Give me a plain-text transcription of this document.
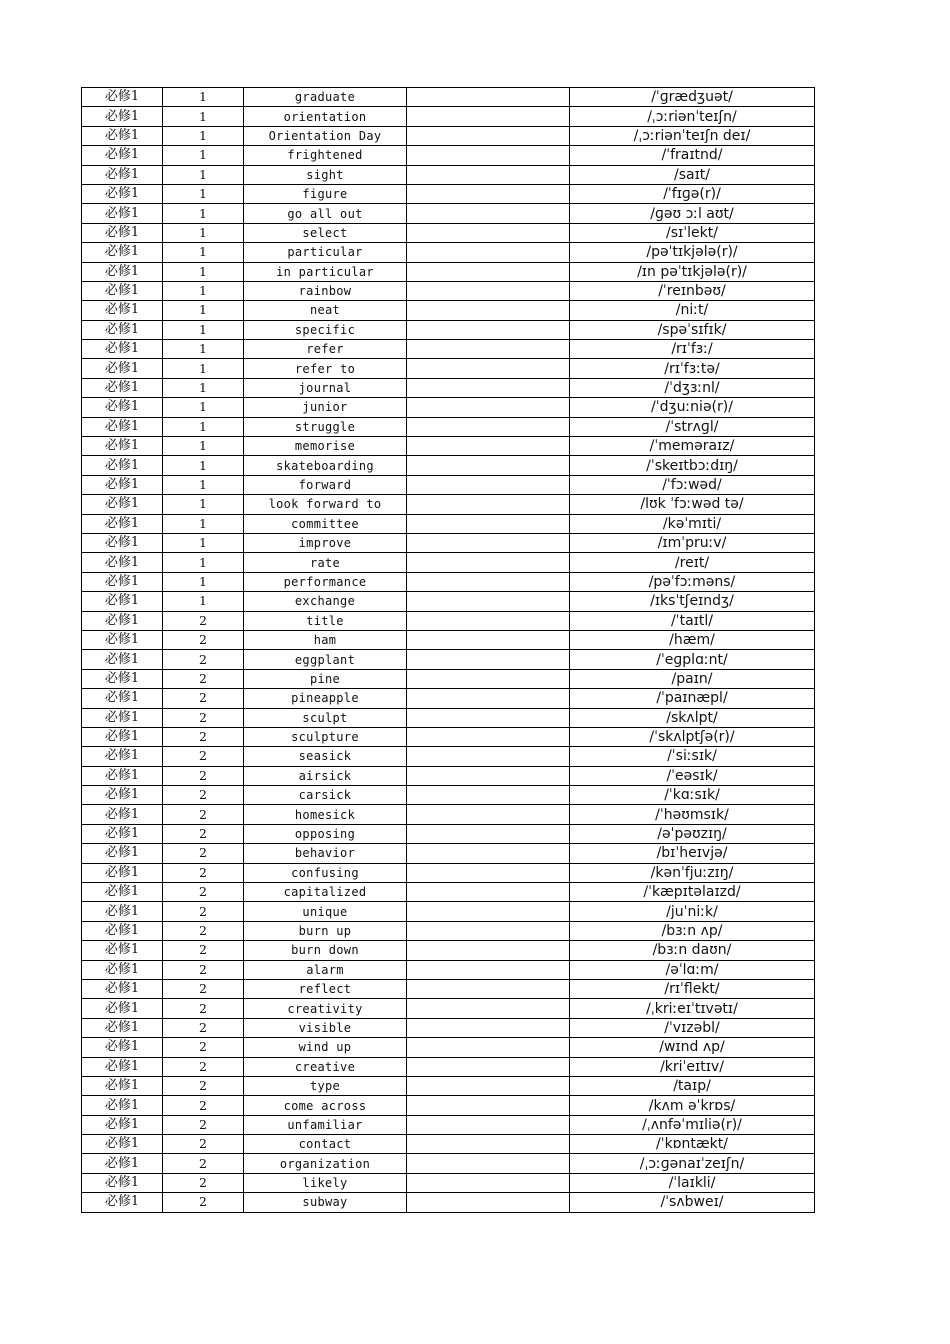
必修1	1	graduate		/ˈɡrædʒuət/
必修1	1	orientation		/ˌɔːriənˈteɪʃn/
必修1	1	Orientation Day		/ˌɔːriənˈteɪʃn deɪ/
必修1	1	frightened		/ˈfraɪtnd/
必修1	1	sight		/saɪt/
必修1	1	figure		/ˈfɪɡə(r)/
必修1	1	go all out		/ɡəʊ ɔːl aʊt/
必修1	1	select		/sɪˈlekt/
必修1	1	particular		/pəˈtɪkjələ(r)/
必修1	1	in particular		/ɪn pəˈtɪkjələ(r)/
必修1	1	rainbow		/ˈreɪnbəʊ/
必修1	1	neat		/niːt/
必修1	1	specific		/spəˈsɪfɪk/
必修1	1	refer		/rɪˈfɜː/
必修1	1	refer to		/rɪˈfɜːtə/
必修1	1	journal		/ˈdʒɜːnl/
必修1	1	junior		/ˈdʒuːniə(r)/
必修1	1	struggle		/ˈstrʌɡl/
必修1	1	memorise		/ˈmeməraɪz/
必修1	1	skateboarding		/ˈskeɪtbɔːdɪŋ/
必修1	1	forward		/ˈfɔːwəd/
必修1	1	look forward to		/lʊk ˈfɔːwəd tə/
必修1	1	committee		/kəˈmɪti/
必修1	1	improve		/ɪmˈpruːv/
必修1	1	rate		/reɪt/
必修1	1	performance		/pəˈfɔːməns/
必修1	1	exchange		/ɪksˈtʃeɪndʒ/
必修1	2	title		/ˈtaɪtl/
必修1	2	ham		/hæm/
必修1	2	eggplant		/ˈeɡplɑːnt/
必修1	2	pine		/paɪn/
必修1	2	pineapple		/ˈpaɪnæpl/
必修1	2	sculpt		/skʌlpt/
必修1	2	sculpture		/ˈskʌlptʃə(r)/
必修1	2	seasick		/ˈsiːsɪk/
必修1	2	airsick		/ˈeəsɪk/
必修1	2	carsick		/ˈkɑːsɪk/
必修1	2	homesick		/ˈhəʊmsɪk/
必修1	2	opposing		/əˈpəʊzɪŋ/
必修1	2	behavior		/bɪˈheɪvjə/
必修1	2	confusing		/kənˈfjuːzɪŋ/
必修1	2	capitalized		/ˈkæpɪtəlaɪzd/
必修1	2	unique		/juˈniːk/
必修1	2	burn up		/bɜːn ʌp/
必修1	2	burn down		/bɜːn daʊn/
必修1	2	alarm		/əˈlɑːm/
必修1	2	reflect		/rɪˈflekt/
必修1	2	creativity		/ˌkriːeɪˈtɪvətɪ/
必修1	2	visible		/ˈvɪzəbl/
必修1	2	wind up		/wɪnd ʌp/
必修1	2	creative		/kriˈeɪtɪv/
必修1	2	type		/taɪp/
必修1	2	come across		/kʌm əˈkrɒs/
必修1	2	unfamiliar		/ˌʌnfəˈmɪliə(r)/
必修1	2	contact		/ˈkɒntækt/
必修1	2	organization		/ˌɔːɡənaɪˈzeɪʃn/
必修1	2	likely		/ˈlaɪkli/
必修1	2	subway		/ˈsʌbweɪ/
